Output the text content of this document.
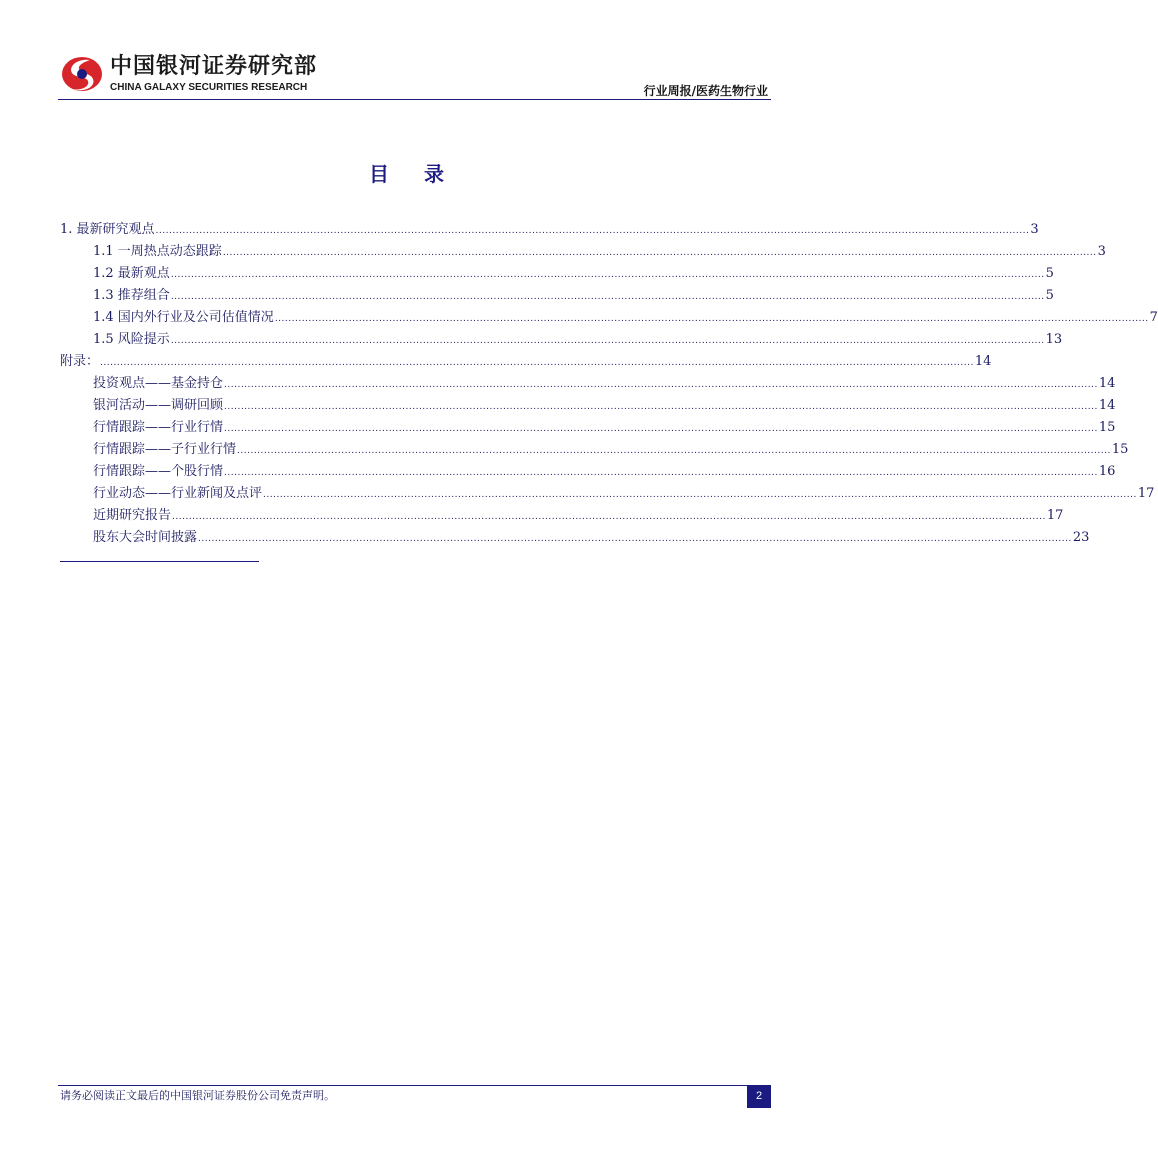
中国银河证券研究部
CHINA GALAXY SECURITIES RESEARCH	行业周报/医药生物行业
目 录
1. 最新研究观点 .................................................................................................................................................................................................................................................................... 3
1.1 一周热点动态跟踪 .................................................................................................................................................................................................................................................................... 3
1.2 最新观点 .................................................................................................................................................................................................................................................................... 5
1.3 推荐组合 .................................................................................................................................................................................................................................................................... 5
1.4 国内外行业及公司估值情况 .................................................................................................................................................................................................................................................................... 7
1.5 风险提示 .................................................................................................................................................................................................................................................................... 13
附录： .................................................................................................................................................................................................................................................................... 14
投资观点——基金持仓 .................................................................................................................................................................................................................................................................... 14
银河活动——调研回顾 .................................................................................................................................................................................................................................................................... 14
行情跟踪——行业行情 .................................................................................................................................................................................................................................................................... 15
行情跟踪——子行业行情 .................................................................................................................................................................................................................................................................... 15
行情跟踪——个股行情 .................................................................................................................................................................................................................................................................... 16
行业动态——行业新闻及点评 .................................................................................................................................................................................................................................................................... 17
近期研究报告 .................................................................................................................................................................................................................................................................... 17
股东大会时间披露 .................................................................................................................................................................................................................................................................... 23
请务必阅读正文最后的中国银河证券股份公司免责声明。	2
